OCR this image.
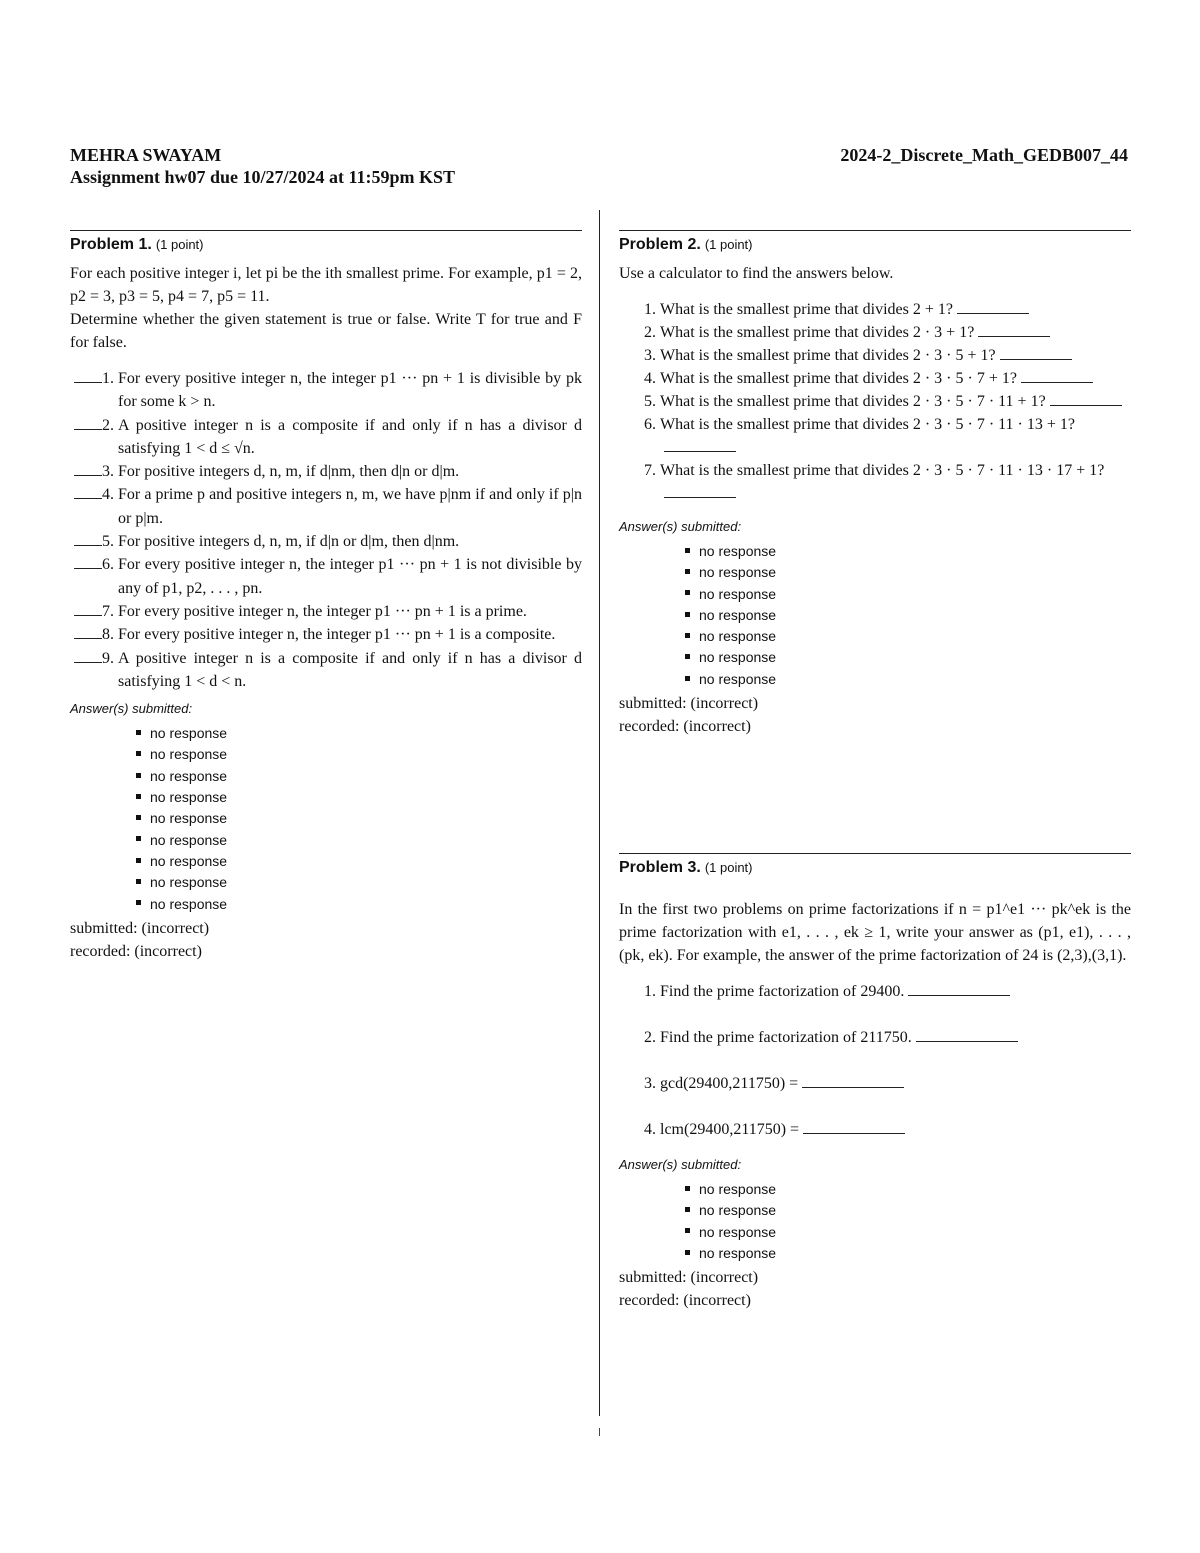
MEHRA SWAYAM
Assignment hw07 due 10/27/2024 at 11:59pm KST
2024-2_Discrete_Math_GEDB007_44
Problem 1. (1 point)
For each positive integer i, let pi be the ith smallest prime. For example, p1 = 2, p2 = 3, p3 = 5, p4 = 7, p5 = 11.
Determine whether the given statement is true or false. Write T for true and F for false.
1. For every positive integer n, the integer p1 ··· pn + 1 is divisible by pk for some k > n.
2. A positive integer n is a composite if and only if n has a divisor d satisfying 1 < d ≤ √n.
3. For positive integers d, n, m, if d|nm, then d|n or d|m.
4. For a prime p and positive integers n, m, we have p|nm if and only if p|n or p|m.
5. For positive integers d, n, m, if d|n or d|m, then d|nm.
6. For every positive integer n, the integer p1 ··· pn + 1 is not divisible by any of p1, p2, . . . , pn.
7. For every positive integer n, the integer p1 ··· pn + 1 is a prime.
8. For every positive integer n, the integer p1 ··· pn + 1 is a composite.
9. A positive integer n is a composite if and only if n has a divisor d satisfying 1 < d < n.
Answer(s) submitted:
no response
no response
no response
no response
no response
no response
no response
no response
no response
submitted: (incorrect)
recorded: (incorrect)
Problem 2. (1 point)
Use a calculator to find the answers below.
1. What is the smallest prime that divides 2 + 1?
2. What is the smallest prime that divides 2 · 3 + 1?
3. What is the smallest prime that divides 2 · 3 · 5 + 1?
4. What is the smallest prime that divides 2 · 3 · 5 · 7 + 1?
5. What is the smallest prime that divides 2 · 3 · 5 · 7 · 11 + 1?
6. What is the smallest prime that divides 2 · 3 · 5 · 7 · 11 · 13 + 1?
7. What is the smallest prime that divides 2 · 3 · 5 · 7 · 11 · 13 · 17 + 1?
Answer(s) submitted:
no response
no response
no response
no response
no response
no response
no response
submitted: (incorrect)
recorded: (incorrect)
Problem 3. (1 point)
In the first two problems on prime factorizations if n = p1^e1 ··· pk^ek is the prime factorization with e1, . . . , ek ≥ 1, write your answer as (p1, e1), . . . , (pk, ek). For example, the answer of the prime factorization of 24 is (2,3),(3,1).
1. Find the prime factorization of 29400.
2. Find the prime factorization of 211750.
3. gcd(29400,211750) =
4. lcm(29400,211750) =
Answer(s) submitted:
no response
no response
no response
no response
submitted: (incorrect)
recorded: (incorrect)
